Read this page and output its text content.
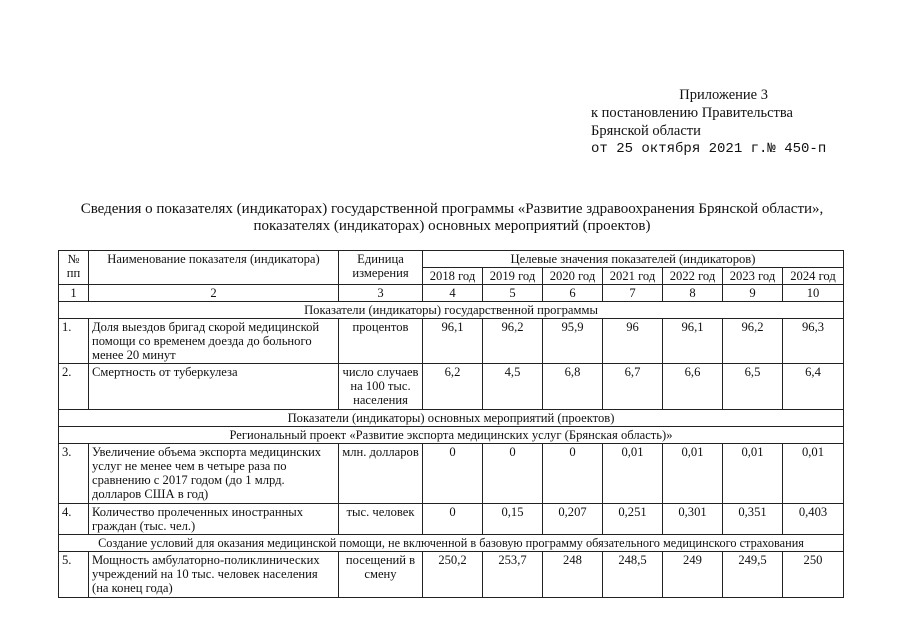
Приложение 3
к постановлению Правительства
Брянской области
от 25 октября 2021 г.№ 450-п
Сведения о показателях (индикаторах) государственной программы «Развитие здравоохранения Брянской области»,
показателях (индикаторах) основных мероприятий (проектов)
№ пп	Наименование показателя (индикатора)	Единица измерения	Целевые значения показателей (индикаторов)						
			2018 год	2019 год	2020 год	2021 год	2022 год	2023 год	2024 год
1	2	3	4	5	6	7	8	9	10
Показатели (индикаторы) государственной программы									
1.	Доля выездов бригад скорой медицинской помощи со временем доезда до больного менее 20 минут	процентов	96,1	96,2	95,9	96	96,1	96,2	96,3
2.	Смертность от туберкулеза	число случаев на 100 тыс. населения	6,2	4,5	6,8	6,7	6,6	6,5	6,4
Показатели (индикаторы) основных мероприятий (проектов)									
Региональный проект «Развитие экспорта медицинских услуг (Брянская область)»									
3.	Увеличение объема экспорта медицинских услуг не менее чем в четыре раза по сравнению с 2017 годом (до 1 млрд. долларов США в год)	млн. долларов	0	0	0	0,01	0,01	0,01	0,01
4.	Количество пролеченных иностранных граждан (тыс. чел.)	тыс. человек	0	0,15	0,207	0,251	0,301	0,351	0,403
Создание условий для оказания медицинской помощи, не включенной в базовую программу обязательного медицинского страхования									
5.	Мощность амбулаторно-поликлинических учреждений на 10 тыс. человек населения (на конец года)	посещений в смену	250,2	253,7	248	248,5	249	249,5	250
